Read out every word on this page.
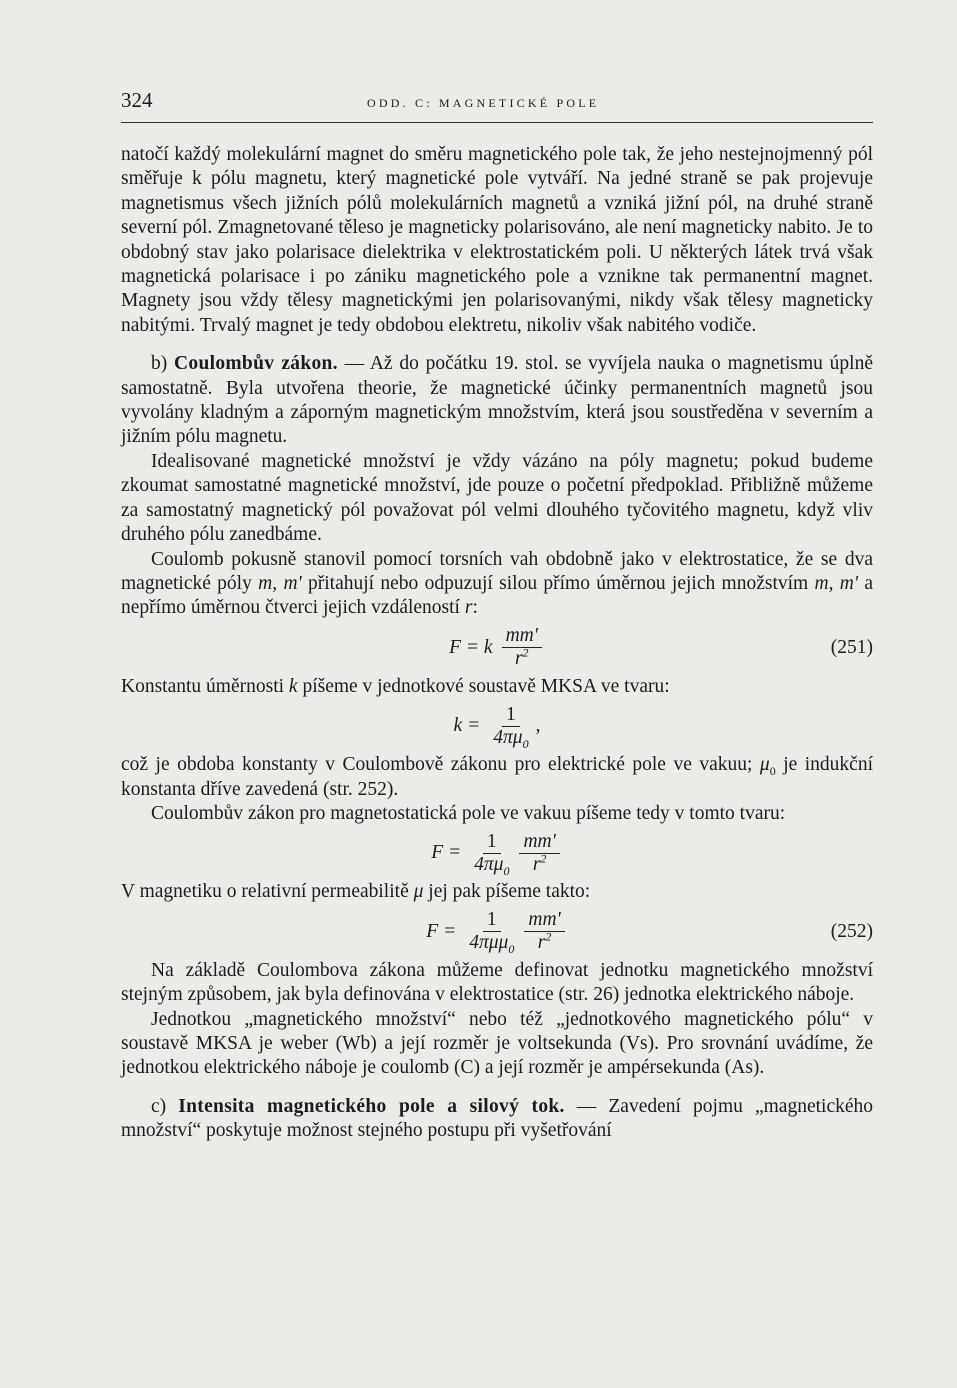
324	ODD. C: MAGNETICKÉ POLE

natočí každý molekulární magnet do směru magnetického pole tak, že jeho nestejnojmenný pól směřuje k pólu magnetu, který magnetické pole vytváří. Na jedné straně se pak projevuje magnetismus všech jižních pólů molekulárních magnetů a vzniká jižní pól, na druhé straně severní pól. Zmagnetované těleso je magneticky polarisováno, ale není magneticky nabito. Je to obdobný stav jako polarisace dielektrika v elektrostatickém poli. U některých látek trvá však magnetická polarisace i po zániku magnetického pole a vznikne tak permanentní magnet. Magnety jsou vždy tělesy magnetickými jen polarisovanými, nikdy však tělesy magneticky nabitými. Trvalý magnet je tedy obdobou elektretu, nikoliv však nabitého vodiče.

b) Coulombův zákon. — Až do počátku 19. stol. se vyvíjela nauka o magnetismu úplně samostatně. Byla utvořena theorie, že magnetické účinky permanentních magnetů jsou vyvolány kladným a záporným magnetickým množstvím, která jsou soustředěna v severním a jižním pólu magnetu.

Idealisované magnetické množství je vždy vázáno na póly magnetu; pokud budeme zkoumat samostatné magnetické množství, jde pouze o početní předpoklad. Přibližně můžeme za samostatný magnetický pól považovat pól velmi dlouhého tyčovitého magnetu, když vliv druhého pólu zanedbáme.

Coulomb pokusně stanovil pomocí torsních vah obdobně jako v elektrostatice, že se dva magnetické póly m, m' přitahují nebo odpuzují silou přímo úměrnou jejich množstvím m, m' a nepřímo úměrnou čtverci jejich vzdáleností r:

F = k $\frac{mm'}{r^2}$	(251)

Konstantu úměrnosti k píšeme v jednotkové soustavě MKSA ve tvaru:

$k = \frac{1}{4\pi\mu_0}$ ,

což je obdoba konstanty v Coulombově zákonu pro elektrické pole ve vakuu; $\mu_0$ je indukční konstanta dříve zavedená (str. 252).

Coulombův zákon pro magnetostatická pole ve vakuu píšeme tedy v tomto tvaru:

$F = \frac{1}{4\pi\mu_0} \frac{mm'}{r^2}$

V magnetiku o relativní permeabilitě μ jej pak píšeme takto:

$F = \frac{1}{4\pi\mu\mu_0} \frac{mm'}{r^2}$	(252)

Na základě Coulombova zákona můžeme definovat jednotku magnetického množství stejným způsobem, jak byla definována v elektrostatice (str. 26) jednotka elektrického náboje.

Jednotkou „magnetického množství“ nebo též „jednotkového magnetického pólu“ v soustavě MKSA je weber (Wb) a její rozměr je voltsekunda (Vs). Pro srovnání uvádíme, že jednotkou elektrického náboje je coulomb (C) a její rozměr je ampérsekunda (As).

c) Intensita magnetického pole a silový tok. — Zavedení pojmu „magnetického množství“ poskytuje možnost stejného postupu při vyšetřování
